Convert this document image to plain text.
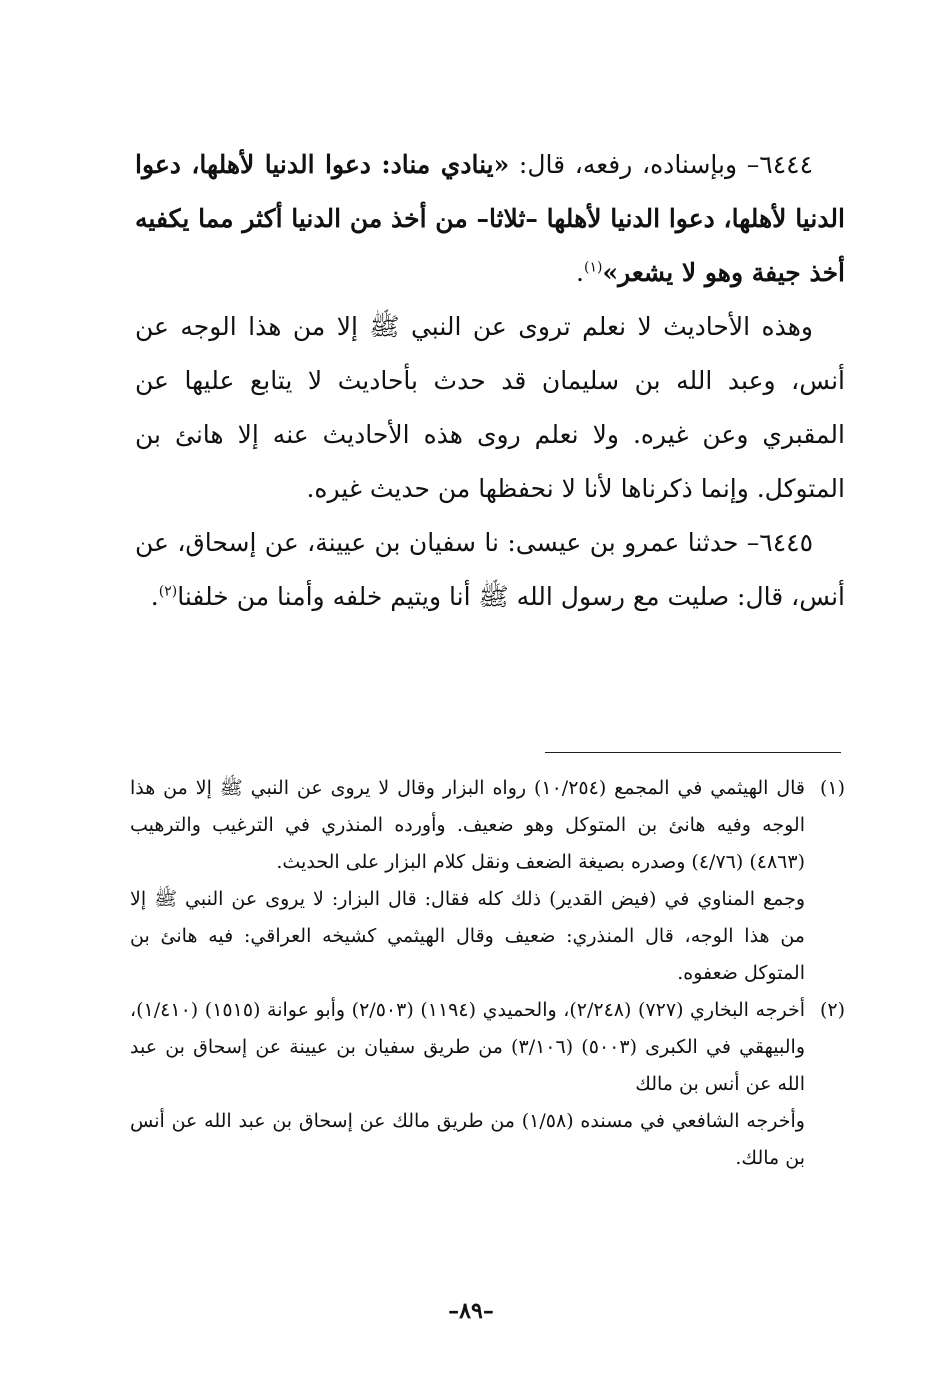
٦٤٤٤– وبإسناده، رفعه، قال: «ينادي مناد: دعوا الدنيا لأهلها، دعوا الدنيا لأهلها، دعوا الدنيا لأهلها –ثلاثا– من أخذ من الدنيا أكثر مما يكفيه أخذ جيفة وهو لا يشعر»$^{(١)}$.

وهذه الأحاديث لا نعلم تروى عن النبي ﷺ إلا من هذا الوجه عن أنس، وعبد الله بن سليمان قد حدث بأحاديث لا يتابع عليها عن المقبري وعن غيره. ولا نعلم روى هذه الأحاديث عنه إلا هانئ بن المتوكل. وإنما ذكرناها لأنا لا نحفظها من حديث غيره.

٦٤٤٥– حدثنا عمرو بن عيسى: نا سفيان بن عيينة، عن إسحاق، عن أنس، قال: صليت مع رسول الله ﷺ أنا ويتيم خلفه وأمنا من خلفنا$^{(٢)}$.

(١)
قال الهيثمي في المجمع (١٠/٢٥٤) رواه البزار وقال لا يروى عن النبي ﷺ إلا من هذا الوجه وفيه هانئ بن المتوكل وهو ضعيف. وأورده المنذري في الترغيب والترهيب (٤٨٦٣) (٤/٧٦) وصدره بصيغة الضعف ونقل كلام البزار على الحديث.

وجمع المناوي في (فيض القدير) ذلك كله فقال: قال البزار: لا يروى عن النبي ﷺ إلا من هذا الوجه، قال المنذري: ضعيف وقال الهيثمي كشيخه العراقي: فيه هانئ بن المتوكل ضعفوه.

(٢)
أخرجه البخاري (٧٢٧) (٢/٢٤٨)، والحميدي (١١٩٤) (٢/٥٠٣) وأبو عوانة (١٥١٥) (١/٤١٠)، والبيهقي في الكبرى (٥٠٠٣) (٣/١٠٦) من طريق سفيان بن عيينة عن إسحاق بن عبد الله عن أنس بن مالك

وأخرجه الشافعي في مسنده (١/٥٨) من طريق مالك عن إسحاق بن عبد الله عن أنس بن مالك.

–٨٩–
